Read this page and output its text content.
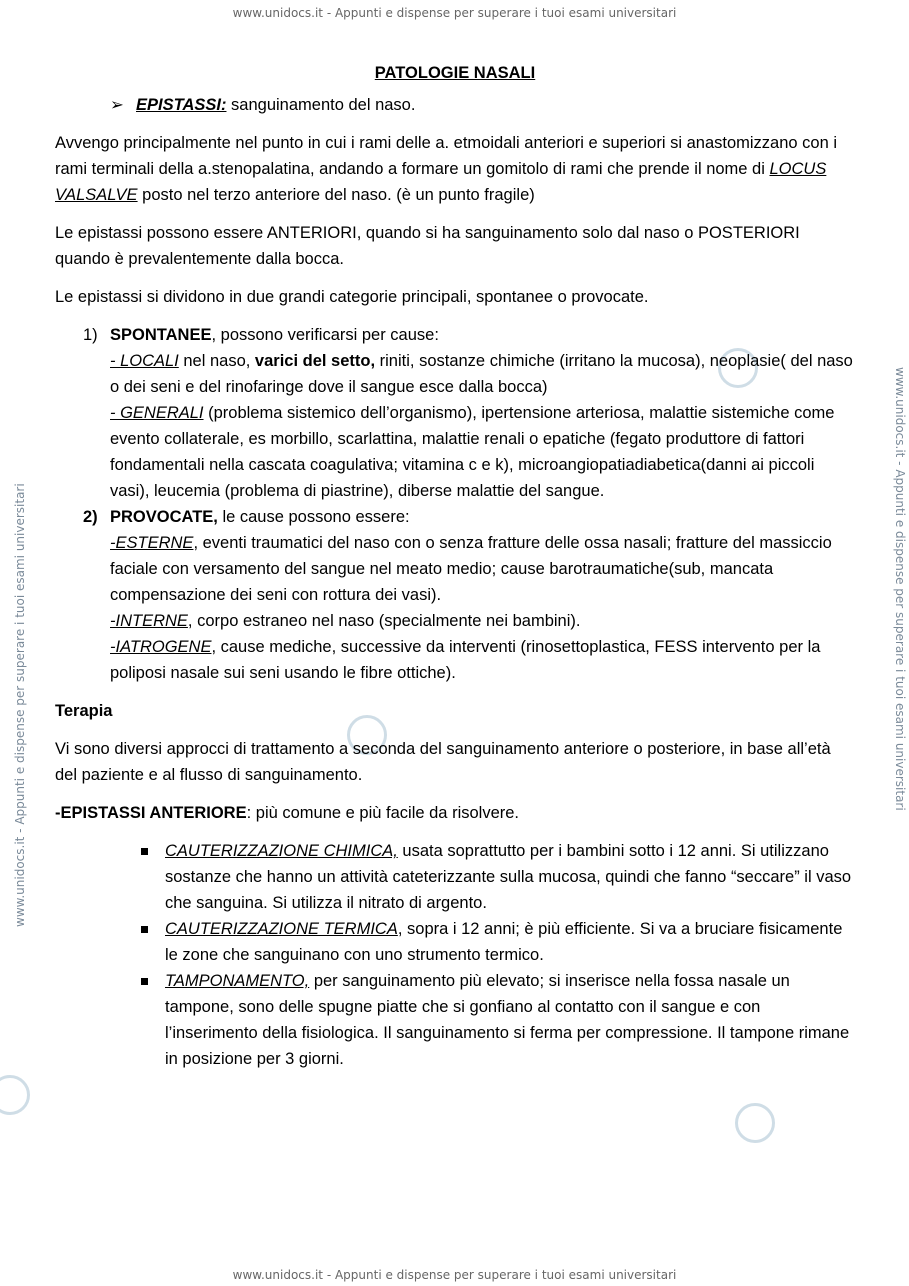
www.unidocs.it - Appunti e dispense per superare i tuoi esami universitari
www.unidocs.it - Appunti e dispense per superare i tuoi esami universitari	www.unidocs.it - Appunti e dispense per superare i tuoi esami universitari
PATOLOGIE NASALI

➢ EPISTASSI: sanguinamento del naso.

Avvengo principalmente nel punto in cui i rami delle a. etmoidali anteriori e superiori si anastomizzano con i rami terminali della a.stenopalatina, andando a formare un gomitolo di rami che prende il nome di LOCUS VALSALVE posto nel terzo anteriore del naso. (è un punto fragile)

Le epistassi possono essere ANTERIORI, quando si ha sanguinamento solo dal naso o POSTERIORI quando è prevalentemente dalla bocca.

Le epistassi si dividono in due grandi categorie principali, spontanee o provocate.

1) SPONTANEE, possono verificarsi per cause:
- LOCALI nel naso, varici del setto, riniti, sostanze chimiche (irritano la mucosa), neoplasie( del naso o dei seni e del rinofaringe dove il sangue esce dalla bocca)
- GENERALI (problema sistemico dell’organismo), ipertensione arteriosa, malattie sistemiche come evento collaterale, es morbillo, scarlattina, malattie renali o epatiche (fegato produttore di fattori fondamentali nella cascata coagulativa; vitamina c e k), microangiopatiadiabetica(danni ai piccoli vasi), leucemia (problema di piastrine), diberse malattie del sangue.
2) PROVOCATE, le cause possono essere:
-ESTERNE, eventi traumatici del naso con o senza fratture delle ossa nasali; fratture del massiccio faciale con versamento del sangue nel meato medio; cause barotraumatiche(sub, mancata compensazione dei seni con rottura dei vasi).
-INTERNE, corpo estraneo nel naso (specialmente nei bambini).
-IATROGENE, cause mediche, successive da interventi (rinosettoplastica, FESS intervento per la poliposi nasale sui seni usando le fibre ottiche).

Terapia

Vi sono diversi approcci di trattamento a seconda del sanguinamento anteriore o posteriore, in base all’età del paziente e al flusso di sanguinamento.

-EPISTASSI ANTERIORE: più comune e più facile da risolvere.

CAUTERIZZAZIONE CHIMICA, usata soprattutto per i bambini sotto i 12 anni. Si utilizzano sostanze che hanno un attività cateterizzante sulla mucosa, quindi che fanno “seccare” il vaso che sanguina. Si utilizza il nitrato di argento.
CAUTERIZZAZIONE TERMICA, sopra i 12 anni; è più efficiente. Si va a bruciare fisicamente le zone che sanguinano con uno strumento termico.
TAMPONAMENTO, per sanguinamento più elevato; si inserisce nella fossa nasale un tampone, sono delle spugne piatte che si gonfiano al contatto con il sangue e con l’inserimento della fisiologica. Il sanguinamento si ferma per compressione. Il tampone rimane in posizione per 3 giorni.
www.unidocs.it - Appunti e dispense per superare i tuoi esami universitari
